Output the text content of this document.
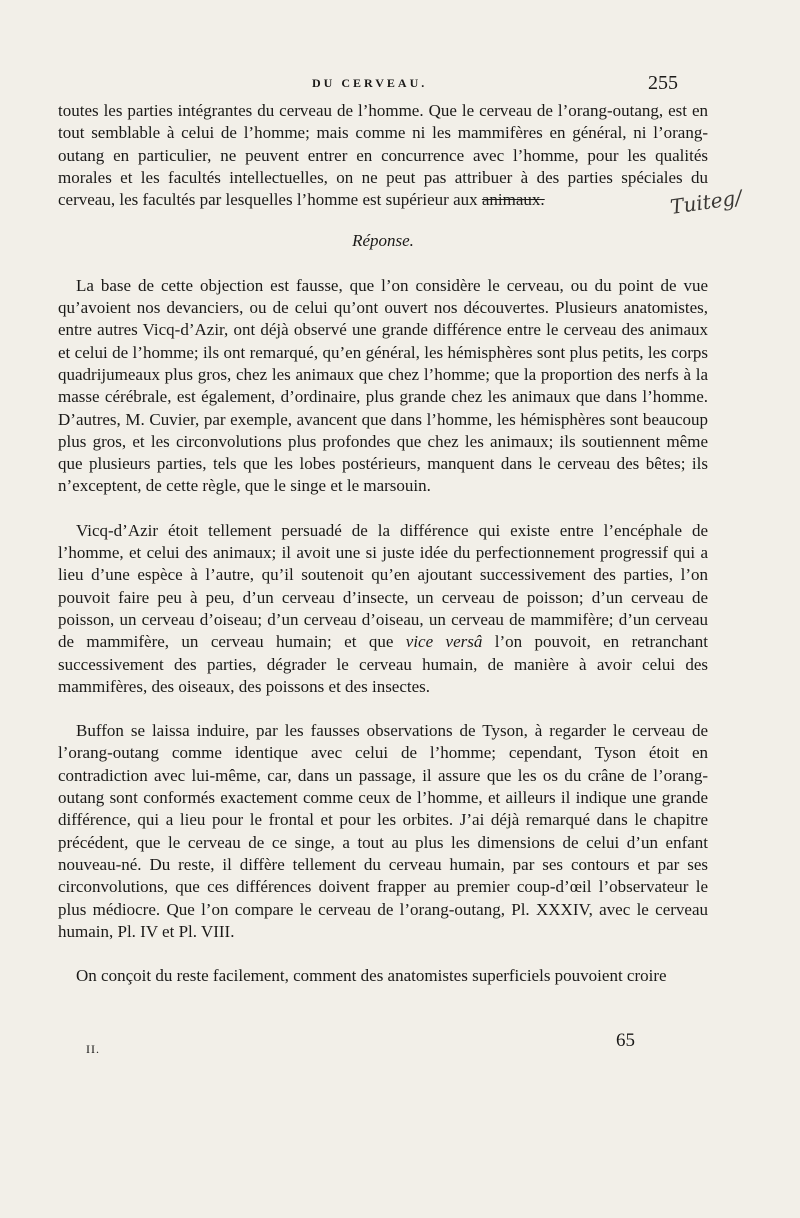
DU CERVEAU.	255
Tuiteg/

toutes les parties intégrantes du cerveau de l’homme. Que le cerveau de l’orang-outang, est en tout semblable à celui de l’homme; mais comme ni les mammifères en général, ni l’orang-outang en particulier, ne peuvent entrer en concurrence avec l’homme, pour les qualités morales et les facultés intellectuelles, on ne peut pas attribuer à des parties spéciales du cerveau, les facultés par lesquelles l’homme est supérieur aux animaux.

Réponse.

La base de cette objection est fausse, que l’on considère le cerveau, ou du point de vue qu’avoient nos devanciers, ou de celui qu’ont ouvert nos découvertes. Plusieurs anatomistes, entre autres Vicq-d’Azir, ont déjà observé une grande différence entre le cerveau des animaux et celui de l’homme; ils ont remarqué, qu’en général, les hémisphères sont plus petits, les corps quadrijumeaux plus gros, chez les animaux que chez l’homme; que la proportion des nerfs à la masse cérébrale, est également, d’ordinaire, plus grande chez les animaux que dans l’homme. D’autres, M. Cuvier, par exemple, avancent que dans l’homme, les hémisphères sont beaucoup plus gros, et les circonvolutions plus profondes que chez les animaux; ils soutiennent même que plusieurs parties, tels que les lobes postérieurs, manquent dans le cerveau des bêtes; ils n’exceptent, de cette règle, que le singe et le marsouin.

Vicq-d’Azir étoit tellement persuadé de la différence qui existe entre l’encéphale de l’homme, et celui des animaux; il avoit une si juste idée du perfectionnement progressif qui a lieu d’une espèce à l’autre, qu’il soutenoit qu’en ajoutant successivement des parties, l’on pouvoit faire peu à peu, d’un cerveau d’insecte, un cerveau de poisson; d’un cerveau de poisson, un cerveau d’oiseau; d’un cerveau d’oiseau, un cerveau de mammifère; d’un cerveau de mammifère, un cerveau humain; et que vice versâ l’on pouvoit, en retranchant successivement des parties, dégrader le cerveau humain, de manière à avoir celui des mammifères, des oiseaux, des poissons et des insectes.

Buffon se laissa induire, par les fausses observations de Tyson, à regarder le cerveau de l’orang-outang comme identique avec celui de l’homme; cependant, Tyson étoit en contradiction avec lui-même, car, dans un passage, il assure que les os du crâne de l’orang-outang sont conformés exactement comme ceux de l’homme, et ailleurs il indique une grande différence, qui a lieu pour le frontal et pour les orbites. J’ai déjà remarqué dans le chapitre précédent, que le cerveau de ce singe, a tout au plus les dimensions de celui d’un enfant nouveau-né. Du reste, il diffère tellement du cerveau humain, par ses contours et par ses circonvolutions, que ces différences doivent frapper au premier coup-d’œil l’observateur le plus médiocre. Que l’on compare le cerveau de l’orang-outang, Pl. XXXIV, avec le cerveau humain, Pl. IV et Pl. VIII.

On conçoit du reste facilement, comment des anatomistes superficiels pouvoient croire

II.	65
